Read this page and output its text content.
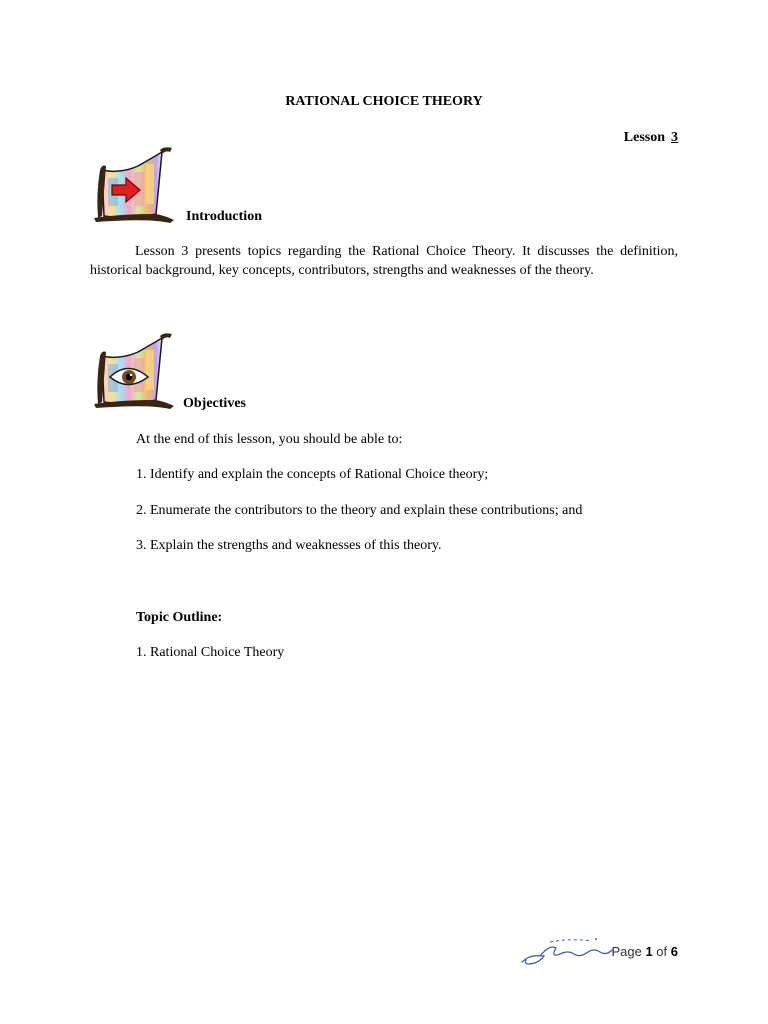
RATIONAL CHOICE THEORY
Lesson 3
Introduction
Lesson 3 presents topics regarding the Rational Choice Theory. It discusses the definition, historical background, key concepts, contributors, strengths and weaknesses of the theory.
Objectives
At the end of this lesson, you should be able to:
1. Identify and explain the concepts of Rational Choice theory;
2. Enumerate the contributors to the theory and explain these contributions; and
3. Explain the strengths and weaknesses of this theory.
Topic Outline:
1. Rational Choice Theory
Page 1 of 6
